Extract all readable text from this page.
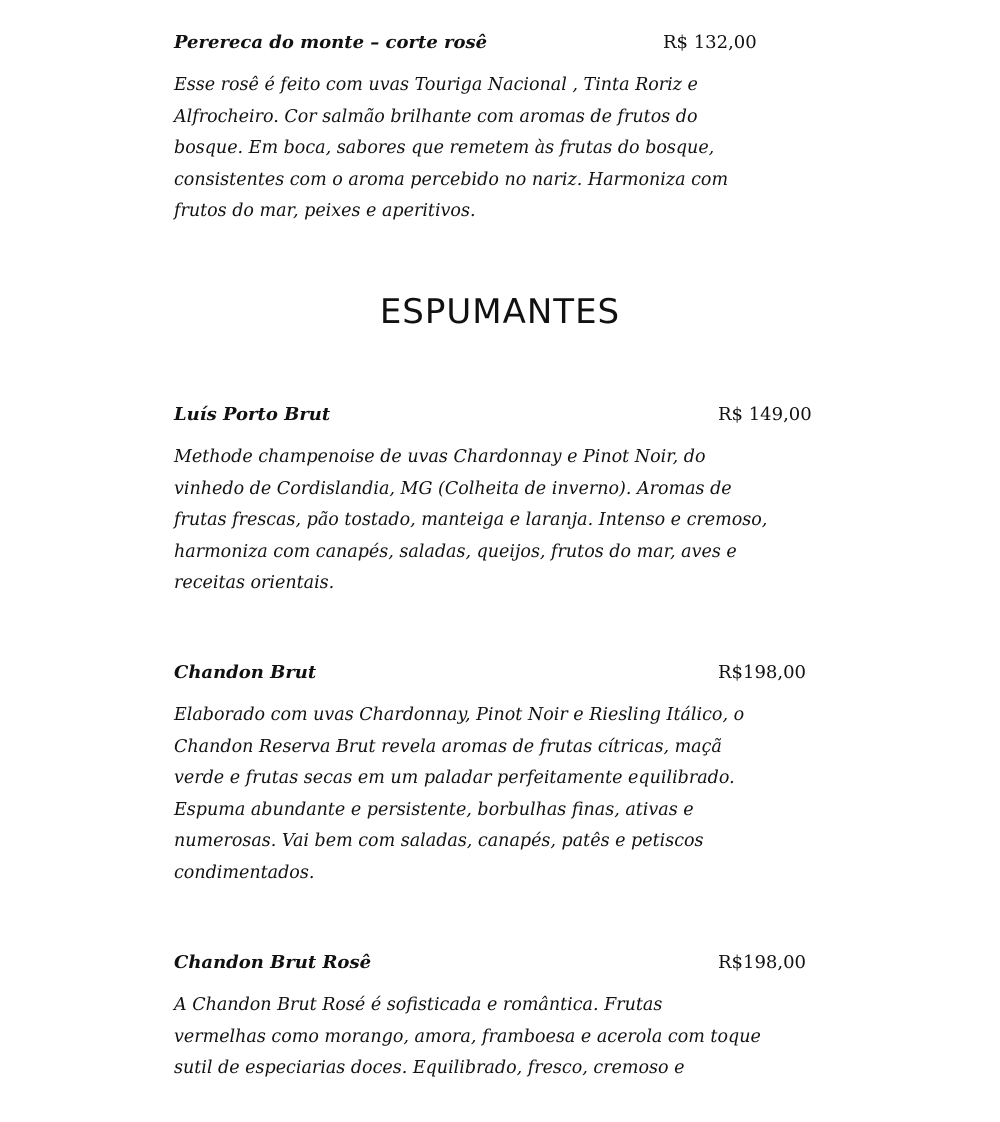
Perereca do monte – corte rosê	R$ 132,00
Esse rosê é feito com uvas Touriga Nacional , Tinta Roriz e
Alfrocheiro. Cor salmão brilhante com aromas de frutos do
bosque. Em boca, sabores que remetem às frutas do bosque,
consistentes com o aroma percebido no nariz. Harmoniza com
frutos do mar, peixes e aperitivos.
ESPUMANTES
Luís Porto Brut	R$ 149,00
Methode champenoise de uvas Chardonnay e Pinot Noir, do
vinhedo de Cordislandia, MG (Colheita de inverno). Aromas de
frutas frescas, pão tostado, manteiga e laranja. Intenso e cremoso,
harmoniza com canapés, saladas, queijos, frutos do mar, aves e
receitas orientais.
Chandon Brut	R$198,00
Elaborado com uvas Chardonnay, Pinot Noir e Riesling Itálico, o
Chandon Reserva Brut revela aromas de frutas cítricas, maçã
verde e frutas secas em um paladar perfeitamente equilibrado.
Espuma abundante e persistente, borbulhas finas, ativas e
numerosas. Vai bem com saladas, canapés, patês e petiscos
condimentados.
Chandon Brut Rosê	R$198,00
A Chandon Brut Rosé é sofisticada e romântica. Frutas
vermelhas como morango, amora, framboesa e acerola com toque
sutil de especiarias doces. Equilibrado, fresco, cremoso e
